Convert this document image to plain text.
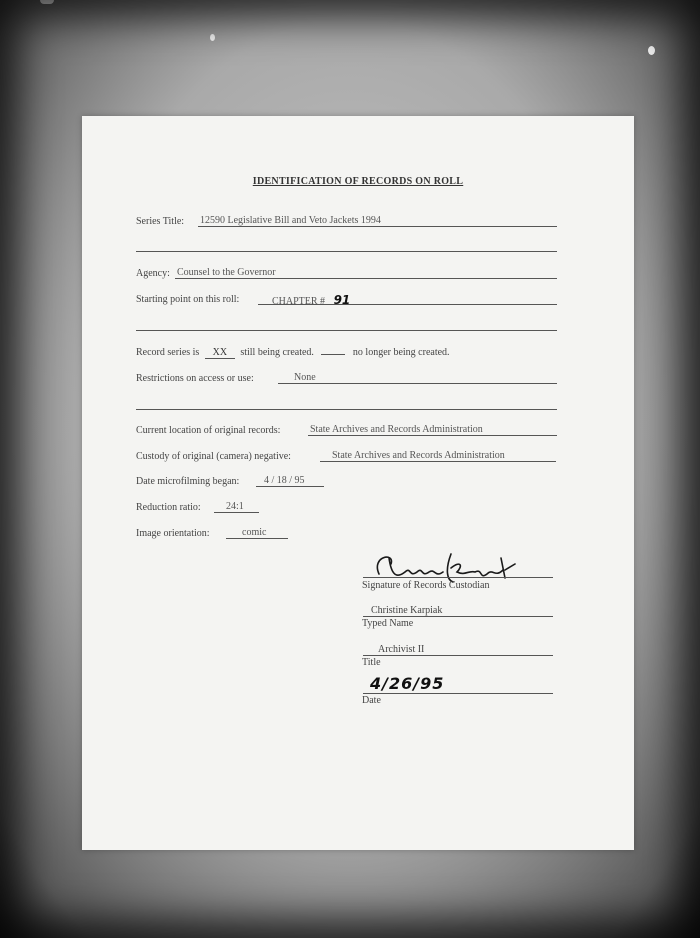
IDENTIFICATION OF RECORDS ON ROLL
Series Title: 12590 Legislative Bill and Veto Jackets 1994
Agency: Counsel to the Governor
Starting point on this roll:	CHAPTER # 91
Record series is XX still being created.	no longer being created.
Restrictions on access or use:	None
Current location of original records:	State Archives and Records Administration
Custody of original (camera) negative:	State Archives and Records Administration
Date microfilming began:	4 / 18 / 95
Reduction ratio:	24:1
Image orientation:	comic
Signature of Records Custodian
Christine Karpiak
Typed Name
Archivist II
Title
4/26/95
Date
